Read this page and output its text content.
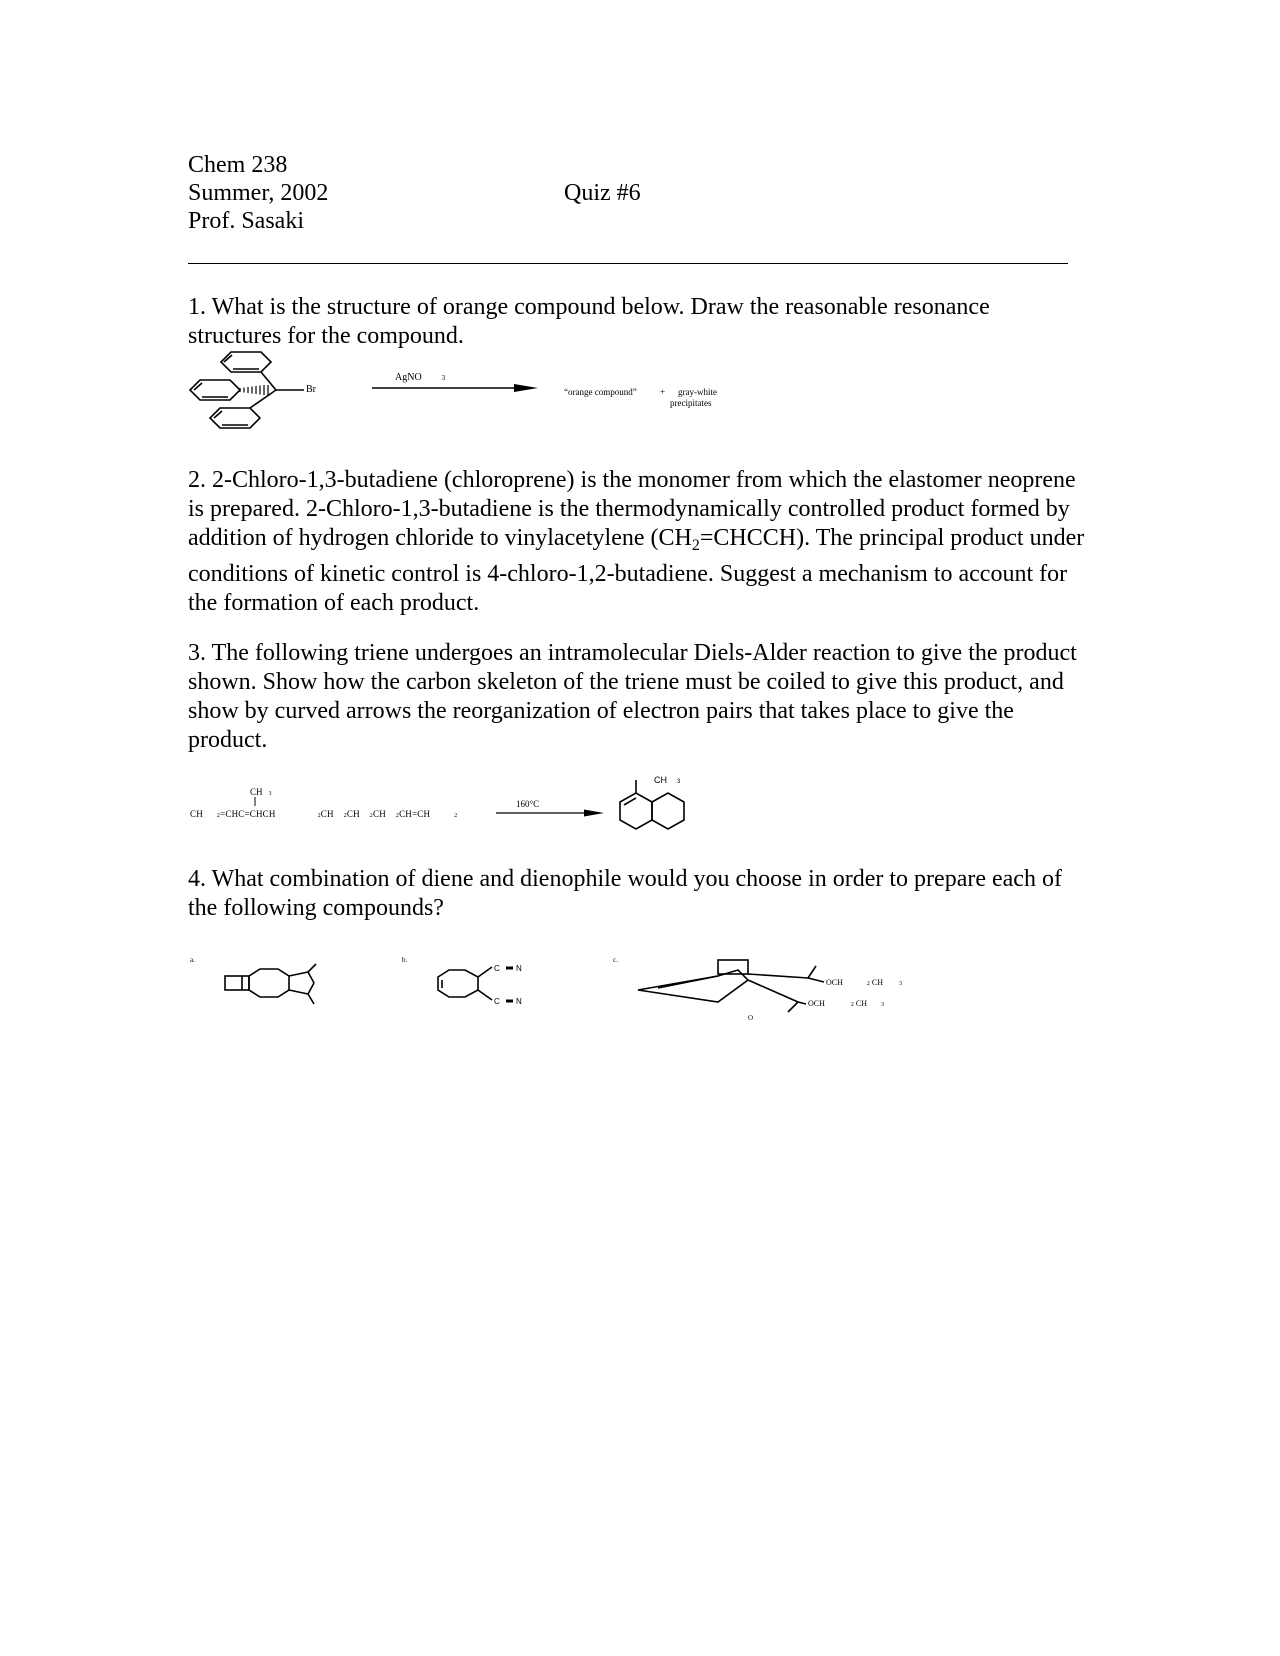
Chem 238
Summer, 2002
Prof. Sasaki
Quiz #6
1. What is the structure of orange compound below. Draw the reasonable resonance structures for the compound.
Br
AgNO	3
“orange compound”	+ gray-white
precipitates
2. 2-Chloro-1,3-butadiene (chloroprene) is the monomer from which the elastomer neoprene is prepared. 2-Chloro-1,3-butadiene is the thermodynamically controlled product formed by addition of hydrogen chloride to vinylacetylene $(CH_2=CHCCH)$. The principal product under conditions of kinetic control is 4-chloro-1,2-butadiene. Suggest a mechanism to account for the formation of each product.
3. The following triene undergoes an intramolecular Diels-Alder reaction to give the product shown. Show how the carbon skeleton of the triene must be coiled to give this product, and show by curved arrows the reorganization of electron pairs that takes place to give the product.
CH 3
CH 2=CHC=CHCH	2CH 2CH 2CH 2CH=CH	2
160°C
CH 3
4. What combination of diene and dienophile would you choose in order to prepare each of the following compounds?
a.	b.	c.
C N
C N
OCH	2 CH	3
OCH	2 CH 3
O
